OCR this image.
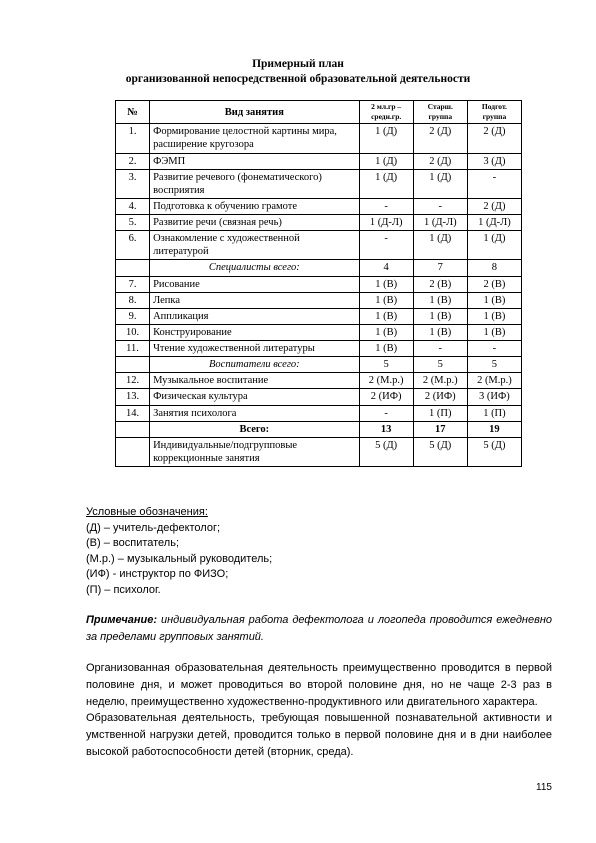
Примерный план
организованной непосредственной образовательной деятельности
№	Вид занятия	2 мл.гр – средн.гр.	Старш. группа	Подгот. группа
1.	Формирование целостной картины мира, расширение кругозора	1 (Д)	2 (Д)	2 (Д)
2.	ФЭМП	1 (Д)	2 (Д)	3 (Д)
3.	Развитие речевого (фонематического) восприятия	1 (Д)	1 (Д)	-
4.	Подготовка к обучению грамоте	-	-	2 (Д)
5.	Развитие речи (связная речь)	1 (Д-Л)	1 (Д-Л)	1 (Д-Л)
6.	Ознакомление с художественной литературой	-	1 (Д)	1 (Д)
	Специалисты всего:	4	7	8
7.	Рисование	1 (В)	2 (В)	2 (В)
8.	Лепка	1 (В)	1 (В)	1 (В)
9.	Аппликация	1 (В)	1 (В)	1 (В)
10.	Конструирование	1 (В)	1 (В)	1 (В)
11.	Чтение художественной литературы	1 (В)	-	-
	Воспитатели всего:	5	5	5
12.	Музыкальное воспитание	2 (М.р.)	2 (М.р.)	2 (М.р.)
13.	Физическая культура	2 (ИФ)	2 (ИФ)	3 (ИФ)
14.	Занятия психолога	-	1 (П)	1 (П)
	Всего:	13	17	19
	Индивидуальные/подгрупповые коррекционные занятия	5 (Д)	5 (Д)	5 (Д)
Условные обозначения:
(Д) – учитель-дефектолог;
(В) – воспитатель;
(М.р.) – музыкальный руководитель;
(ИФ) - инструктор по ФИЗО;
(П) – психолог.
Примечание: индивидуальная работа дефектолога и логопеда проводится ежедневно за пределами групповых занятий.
Организованная образовательная деятельность преимущественно проводится в первой половине дня, и может проводиться во второй половине дня, но не чаще 2-3 раз в неделю, преимущественно художественно-продуктивного или двигательного характера.
Образовательная деятельность, требующая повышенной познавательной активности и умственной нагрузки детей, проводится только в первой половине дня и в дни наиболее высокой работоспособности детей (вторник, среда).
115
